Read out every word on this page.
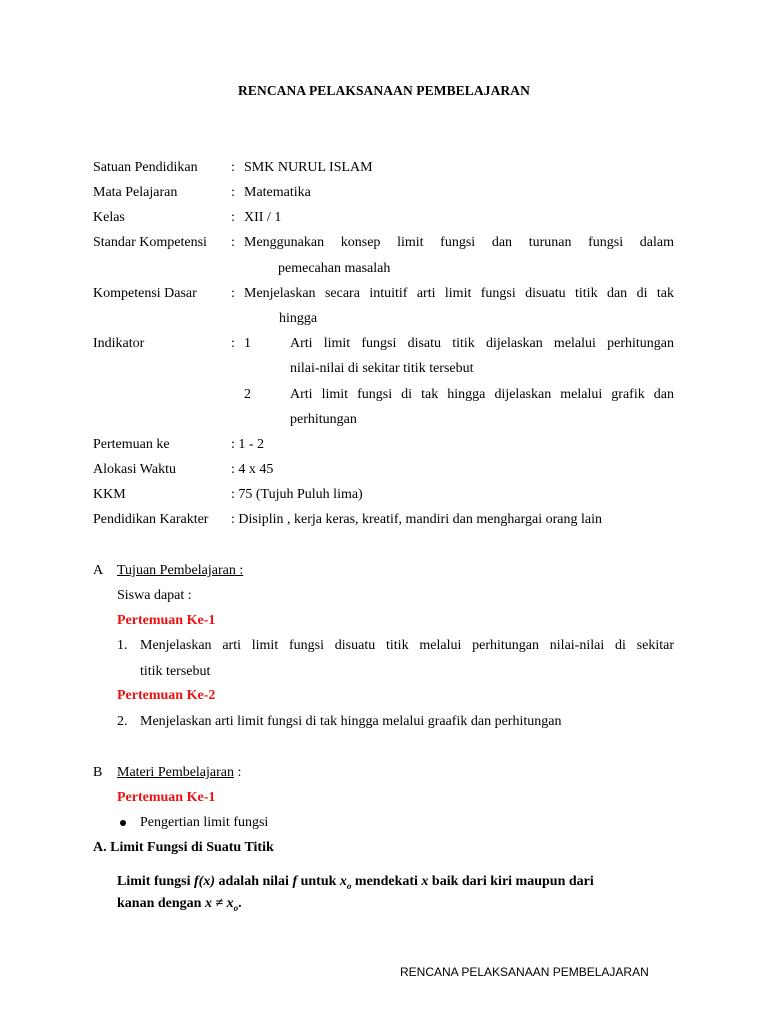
RENCANA PELAKSANAAN PEMBELAJARAN
Satuan Pendidikan : SMK NURUL ISLAM
Mata Pelajaran	: Matematika
Kelas	: XII / 1
Standar Kompetensi : Menggunakan konsep limit fungsi dan turunan fungsi dalam
pemecahan masalah
Kompetensi Dasar : Menjelaskan secara intuitif arti limit fungsi disuatu titik dan di tak
hingga
Indikator	: 1	Arti limit fungsi disatu titik dijelaskan melalui perhitungan
nilai-nilai di sekitar titik tersebut
2	Arti limit fungsi di tak hingga dijelaskan melalui grafik dan
perhitungan
Pertemuan ke	: 1 - 2
Alokasi Waktu	: 4 x 45
KKM	: 75 (Tujuh Puluh lima)
Pendidikan Karakter : Disiplin , kerja keras, kreatif, mandiri dan menghargai orang lain
A Tujuan Pembelajaran :
Siswa dapat :
Pertemuan Ke-1
1. Menjelaskan arti limit fungsi disuatu titik melalui perhitungan nilai-nilai di sekitar
titik tersebut
Pertemuan Ke-2
2. Menjelaskan arti limit fungsi di tak hingga melalui graafik dan perhitungan
B Materi Pembelajaran :
Pertemuan Ke-1
Pengertian limit fungsi
A. Limit Fungsi di Suatu Titik
Limit fungsi f(x) adalah nilai f untuk $x_o$ mendekati x baik dari kiri maupun dari
kanan dengan $x \ne x_o$.
RENCANA PELAKSANAAN PEMBELAJARAN
